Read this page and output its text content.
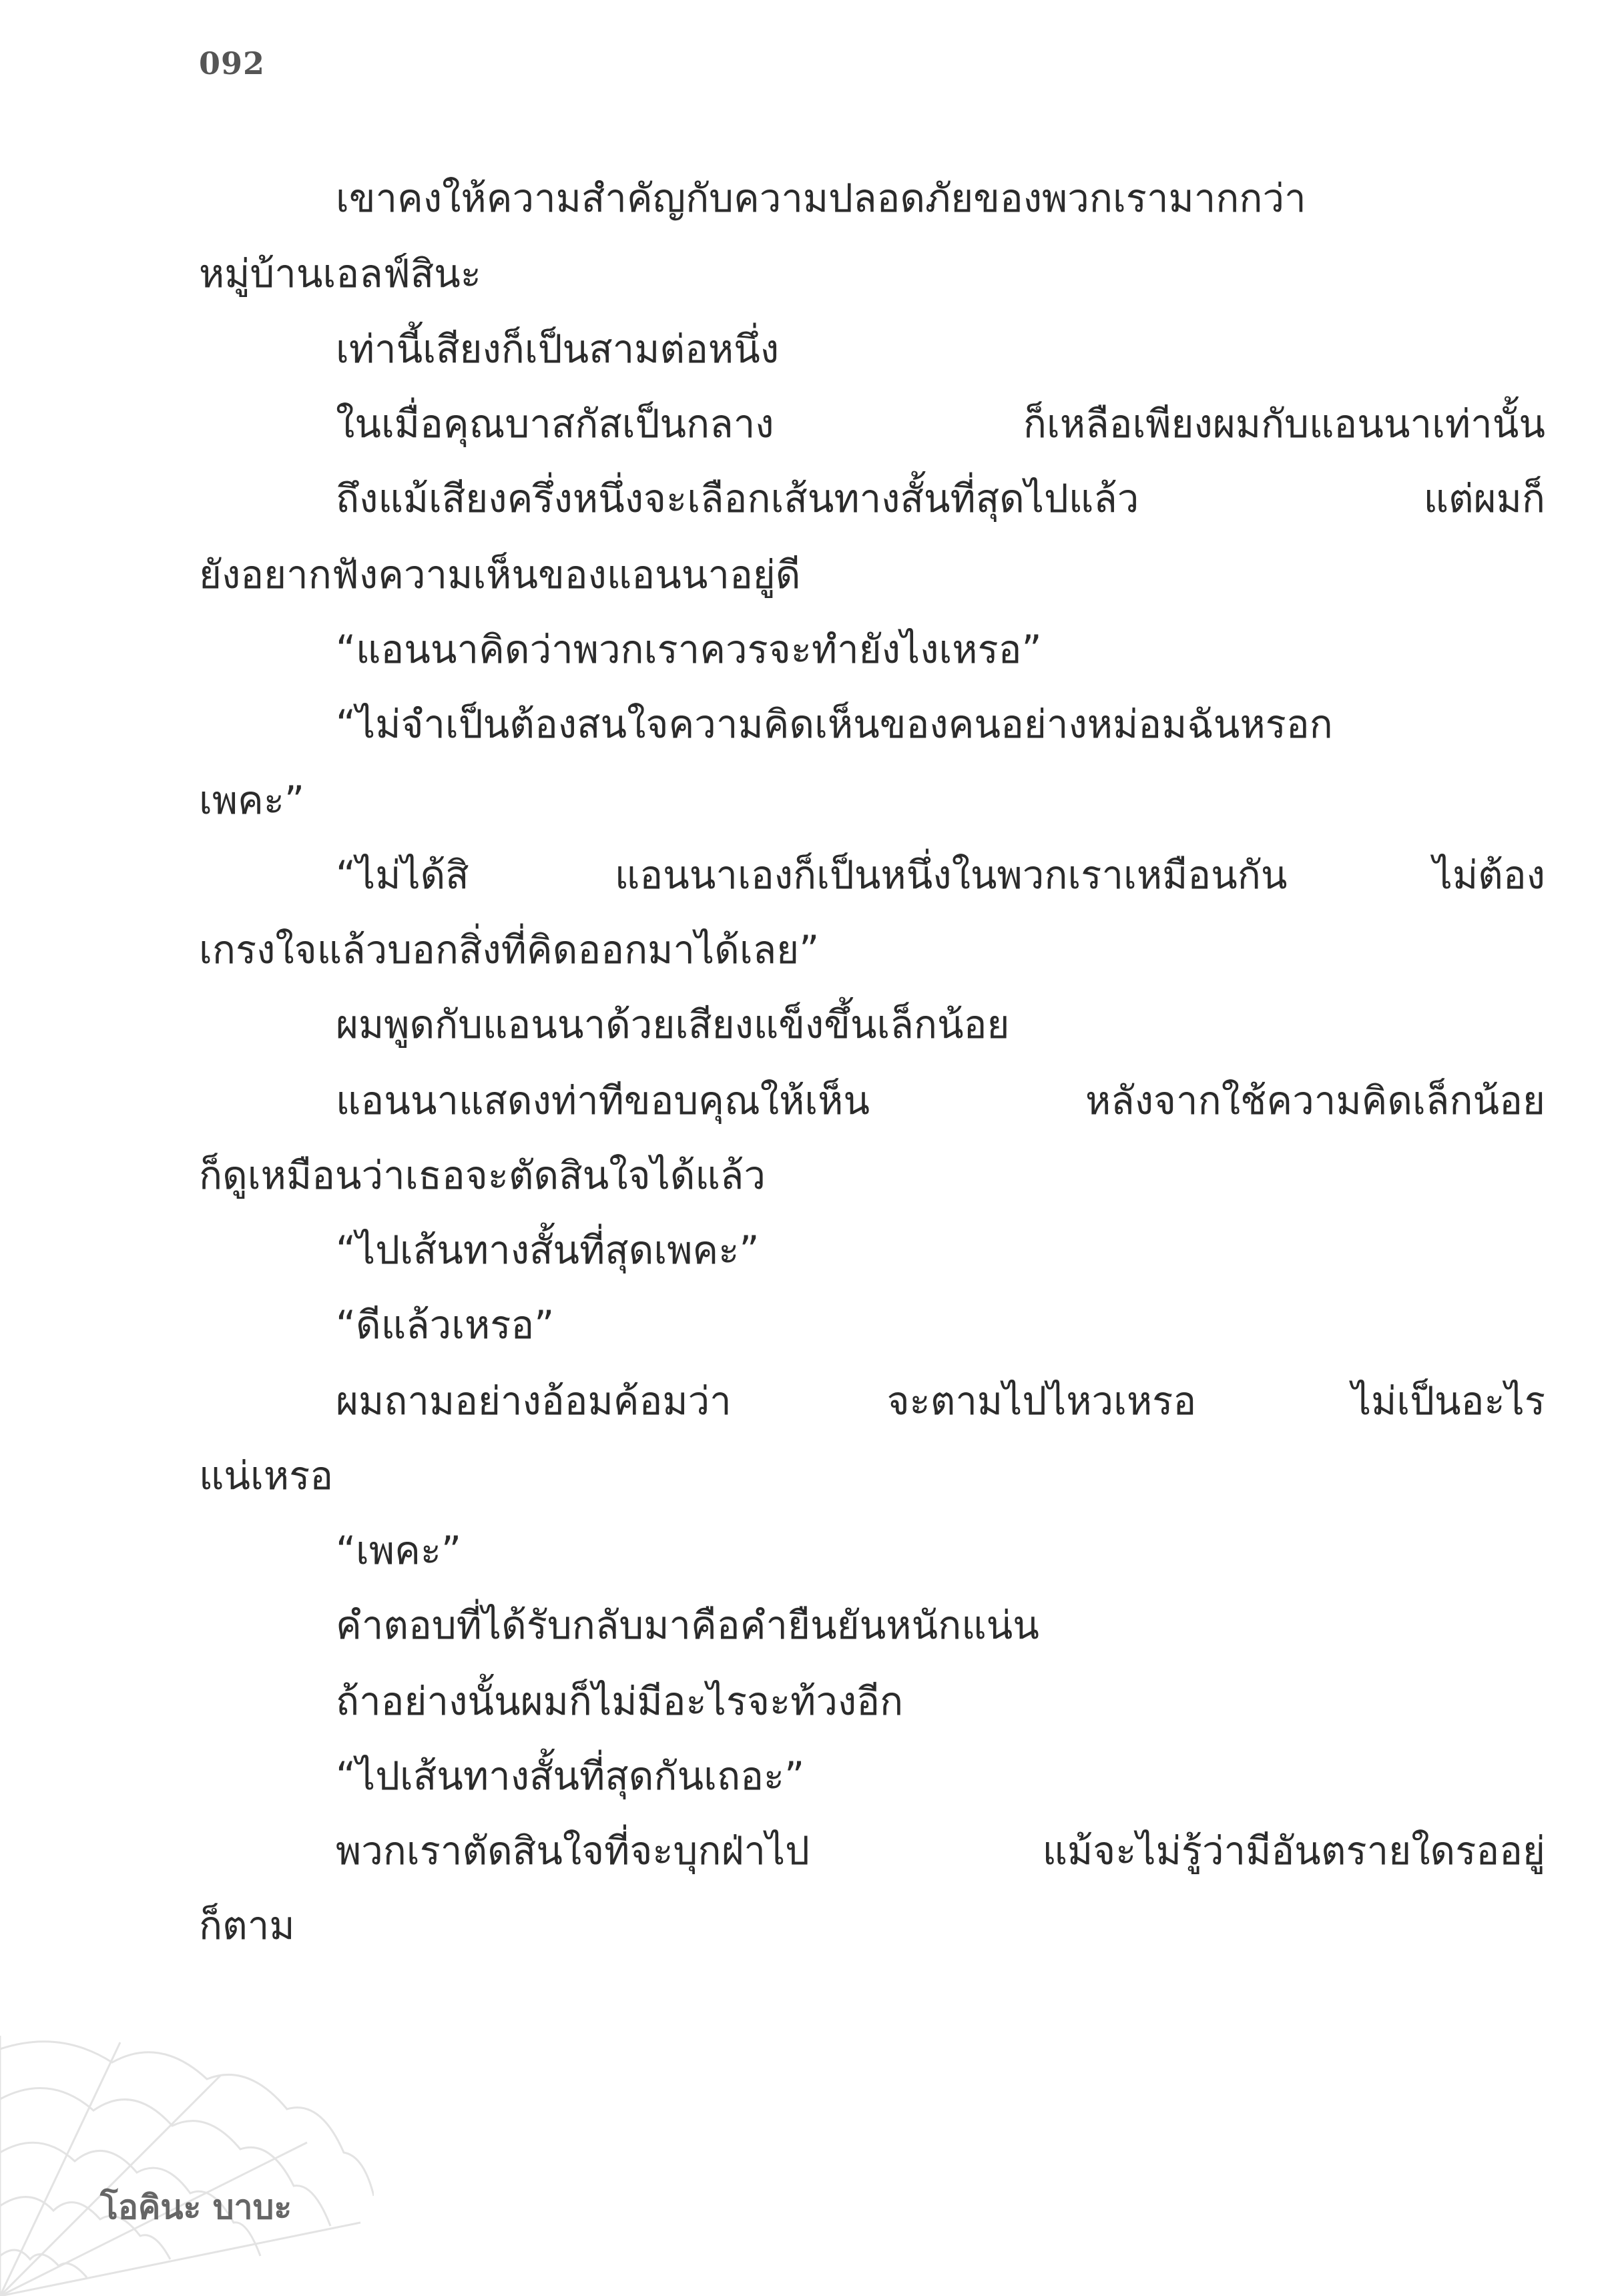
092
เขาคงให้ความสำคัญกับความปลอดภัยของพวกเรามากกว่า
หมู่บ้านเอลฟ์สินะ
เท่านี้เสียงก็เป็นสามต่อหนึ่ง
ในเมื่อคุณบาสกัสเป็นกลาง ก็เหลือเพียงผมกับแอนนาเท่านั้น
ถึงแม้เสียงครึ่งหนึ่งจะเลือกเส้นทางสั้นที่สุดไปแล้ว แต่ผมก็
ยังอยากฟังความเห็นของแอนนาอยู่ดี
“แอนนาคิดว่าพวกเราควรจะทำยังไงเหรอ”
“ไม่จำเป็นต้องสนใจความคิดเห็นของคนอย่างหม่อมฉันหรอก
เพคะ”
“ไม่ได้สิ แอนนาเองก็เป็นหนึ่งในพวกเราเหมือนกัน ไม่ต้อง
เกรงใจแล้วบอกสิ่งที่คิดออกมาได้เลย”
ผมพูดกับแอนนาด้วยเสียงแข็งขึ้นเล็กน้อย
แอนนาแสดงท่าทีขอบคุณให้เห็น หลังจากใช้ความคิดเล็กน้อย
ก็ดูเหมือนว่าเธอจะตัดสินใจได้แล้ว
“ไปเส้นทางสั้นที่สุดเพคะ”
“ดีแล้วเหรอ”
ผมถามอย่างอ้อมค้อมว่า จะตามไปไหวเหรอ ไม่เป็นอะไร
แน่เหรอ
“เพคะ”
คำตอบที่ได้รับกลับมาคือคำยืนยันหนักแน่น
ถ้าอย่างนั้นผมก็ไม่มีอะไรจะท้วงอีก
“ไปเส้นทางสั้นที่สุดกันเถอะ”
พวกเราตัดสินใจที่จะบุกฝ่าไป แม้จะไม่รู้ว่ามีอันตรายใดรออยู่
ก็ตาม
โอคินะ บาบะ
